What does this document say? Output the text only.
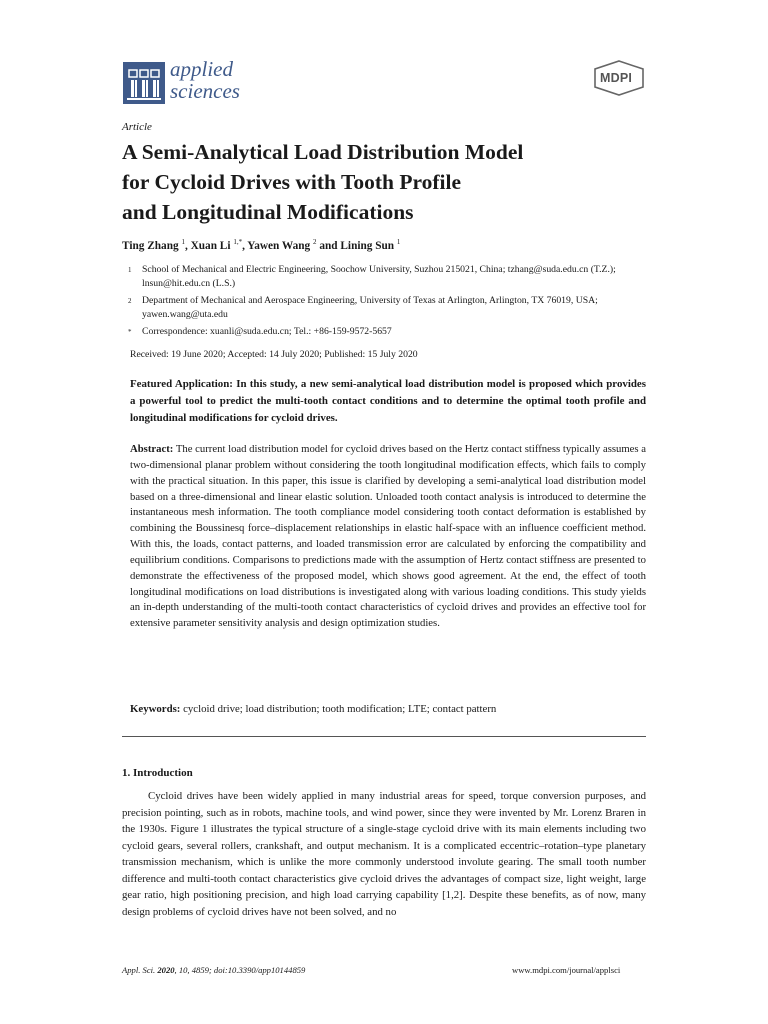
applied
sciences
MDPI
Article
A Semi-Analytical Load Distribution Model
for Cycloid Drives with Tooth Profile
and Longitudinal Modifications
Ting Zhang $^1$, Xuan Li $^{1,*}$, Yawen Wang $^2$ and Lining Sun $^1$
1 School of Mechanical and Electric Engineering, Soochow University, Suzhou 215021, China; tzhang@suda.edu.cn (T.Z.); lnsun@hit.edu.cn (L.S.)
2 Department of Mechanical and Aerospace Engineering, University of Texas at Arlington, Arlington, TX 76019, USA; yawen.wang@uta.edu
* Correspondence: xuanli@suda.edu.cn; Tel.: +86-159-9572-5657
Received: 19 June 2020; Accepted: 14 July 2020; Published: 15 July 2020
Featured Application: In this study, a new semi-analytical load distribution model is proposed which provides a powerful tool to predict the multi-tooth contact conditions and to determine the optimal tooth profile and longitudinal modifications for cycloid drives.
Abstract: The current load distribution model for cycloid drives based on the Hertz contact stiffness typically assumes a two-dimensional planar problem without considering the tooth longitudinal modification effects, which fails to comply with the practical situation. In this paper, this issue is clarified by developing a semi-analytical load distribution model based on a three-dimensional and linear elastic solution. Unloaded tooth contact analysis is introduced to determine the instantaneous mesh information. The tooth compliance model considering tooth contact deformation is established by combining the Boussinesq force–displacement relationships in elastic half-space with an influence coefficient method. With this, the loads, contact patterns, and loaded transmission error are calculated by enforcing the compatibility and equilibrium conditions. Comparisons to predictions made with the assumption of Hertz contact stiffness are presented to demonstrate the effectiveness of the proposed model, which shows good agreement. At the end, the effect of tooth longitudinal modifications on load distributions is investigated along with various loading conditions. This study yields an in-depth understanding of the multi-tooth contact characteristics of cycloid drives and provides an effective tool for extensive parameter sensitivity analysis and design optimization studies.
Keywords: cycloid drive; load distribution; tooth modification; LTE; contact pattern
1. Introduction
Cycloid drives have been widely applied in many industrial areas for speed, torque conversion purposes, and precision pointing, such as in robots, machine tools, and wind power, since they were invented by Mr. Lorenz Braren in the 1930s. Figure 1 illustrates the typical structure of a single-stage cycloid drive with its main elements including two cycloid gears, several rollers, crankshaft, and output mechanism. It is a complicated eccentric–rotation–type planetary transmission mechanism, which is unlike the more commonly understood involute gearing. The small tooth number difference and multi-tooth contact characteristics give cycloid drives the advantages of compact size, light weight, large gear ratio, high positioning precision, and high load carrying capability [1,2]. Despite these benefits, as of now, many design problems of cycloid drives have not been solved, and no
Appl. Sci. 2020, 10, 4859; doi:10.3390/app10144859	www.mdpi.com/journal/applsci
